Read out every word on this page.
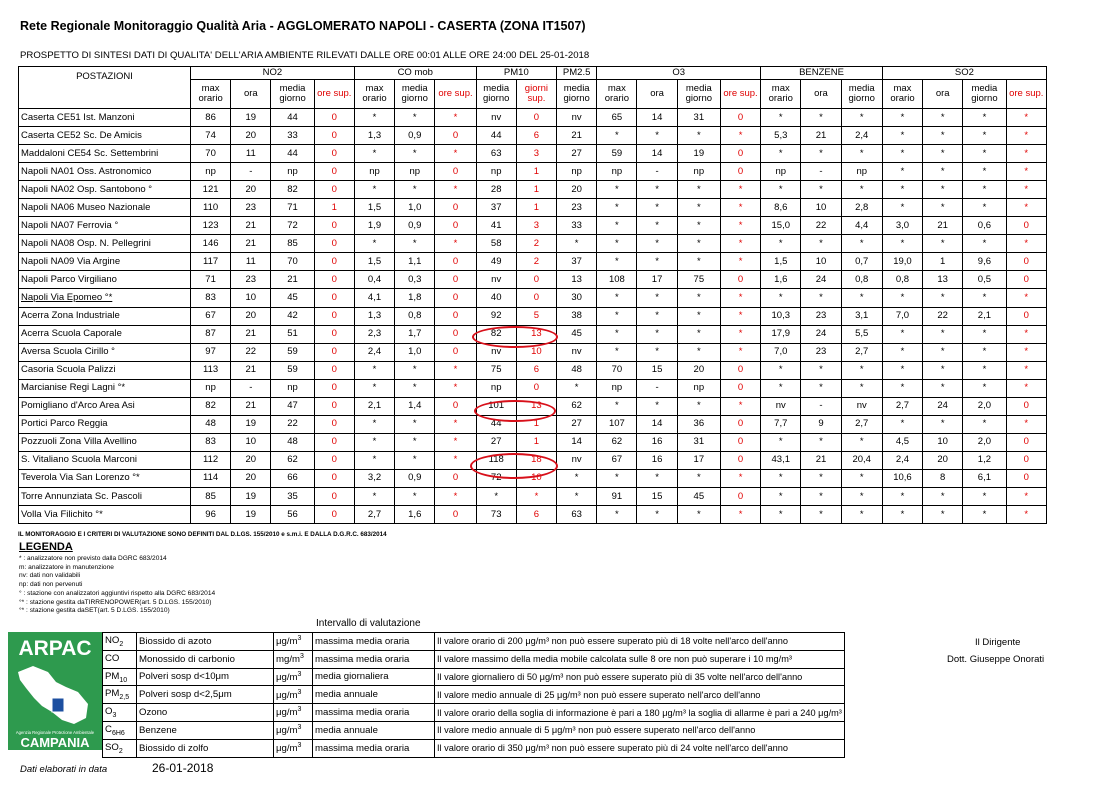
Rete Regionale Monitoraggio Qualità Aria - AGGLOMERATO NAPOLI - CASERTA (ZONA IT1507)
PROSPETTO DI SINTESI DATI DI QUALITA' DELL'ARIA AMBIENTE RILEVATI DALLE ORE 00:01 ALLE ORE 24:00 DEL 25-01-2018
POSTAZIONI	NO2				CO mob			PM10		PM2.5	O3				BENZENE			SO2			
	max orario	ora	media giorno	ore sup.	max orario	media giorno	ore sup.	media giorno	giorni sup.	media giorno	max orario	ora	media giorno	ore sup.	max orario	ora	media giorno	max orario	ora	media giorno	ore sup.
Caserta CE51 Ist. Manzoni	86	19	44	0	*	*	*	nv	0	nv	65	14	31	0	*	*	*	*	*	*	*
Caserta CE52 Sc. De Amicis	74	20	33	0	1,3	0,9	0	44	6	21	*	*	*	*	5,3	21	2,4	*	*	*	*
Maddaloni CE54 Sc. Settembrini	70	11	44	0	*	*	*	63	3	27	59	14	19	0	*	*	*	*	*	*	*
Napoli NA01 Oss. Astronomico	np	-	np	0	np	np	0	np	1	np	np	-	np	0	np	-	np	*	*	*	*
Napoli NA02 Osp. Santobono °	121	20	82	0	*	*	*	28	1	20	*	*	*	*	*	*	*	*	*	*	*
Napoli NA06 Museo Nazionale	110	23	71	1	1,5	1,0	0	37	1	23	*	*	*	*	8,6	10	2,8	*	*	*	*
Napoli NA07 Ferrovia °	123	21	72	0	1,9	0,9	0	41	3	33	*	*	*	*	15,0	22	4,4	3,0	21	0,6	0
Napoli NA08 Osp. N. Pellegrini	146	21	85	0	*	*	*	58	2	*	*	*	*	*	*	*	*	*	*	*	*
Napoli NA09 Via Argine	117	11	70	0	1,5	1,1	0	49	2	37	*	*	*	*	1,5	10	0,7	19,0	1	9,6	0
Napoli Parco Virgiliano	71	23	21	0	0,4	0,3	0	nv	0	13	108	17	75	0	1,6	24	0,8	0,8	13	0,5	0
Napoli Via Epomeo °*	83	10	45	0	4,1	1,8	0	40	0	30	*	*	*	*	*	*	*	*	*	*	*
Acerra Zona Industriale	67	20	42	0	1,3	0,8	0	92	5	38	*	*	*	*	10,3	23	3,1	7,0	22	2,1	0
Acerra Scuola Caporale	87	21	51	0	2,3	1,7	0	82	13	45	*	*	*	*	17,9	24	5,5	*	*	*	*
Aversa Scuola Cirillo °	97	22	59	0	2,4	1,0	0	nv	10	nv	*	*	*	*	7,0	23	2,7	*	*	*	*
Casoria Scuola Palizzi	113	21	59	0	*	*	*	75	6	48	70	15	20	0	*	*	*	*	*	*	*
Marcianise Regi Lagni °*	np	-	np	0	*	*	*	np	0	*	np	-	np	0	*	*	*	*	*	*	*
Pomigliano d'Arco Area Asi	82	21	47	0	2,1	1,4	0	101	13	62	*	*	*	*	nv	-	nv	2,7	24	2,0	0
Portici Parco Reggia	48	19	22	0	*	*	*	44	1	27	107	14	36	0	7,7	9	2,7	*	*	*	*
Pozzuoli Zona Villa Avellino	83	10	48	0	*	*	*	27	1	14	62	16	31	0	*	*	*	4,5	10	2,0	0
S. Vitaliano Scuola Marconi	112	20	62	0	*	*	*	118	18	nv	67	16	17	0	43,1	21	20,4	2,4	20	1,2	0
Teverola Via San Lorenzo °*	114	20	66	0	3,2	0,9	0	72	10	*	*	*	*	*	*	*	*	10,6	8	6,1	0
Torre Annunziata Sc. Pascoli	85	19	35	0	*	*	*	*	*	*	91	15	45	0	*	*	*	*	*	*	*
Volla Via Filichito °*	96	19	56	0	2,7	1,6	0	73	6	63	*	*	*	*	*	*	*	*	*	*	*
IL MONITORAGGIO E I CRITERI DI VALUTAZIONE SONO DEFINITI DAL D.LGS. 155/2010 e s.m.i. E DALLA D.G.R.C. 683/2014
LEGENDA
* : analizzatore non previsto dalla DGRC 683/2014
m: analizzatore in manutenzione
nv: dati non validabili
np: dati non pervenuti
° : stazione con analizzatori aggiuntivi rispetto alla DGRC 683/2014
°* : stazione gestita daTIRRENOPOWER(art. 5 D.LGS. 155/2010)
°* : stazione gestita daSET(art. 5 D.LGS. 155/2010)
Intervallo di valutazione
ARPAC
Agenzia Regionale Protezione Ambientale
CAMPANIA
$NO_2$	Biossido di azoto	$\mu g/m^3$	massima media oraria	Il valore orario di 200 μg/m³ non può essere superato più di 18 volte nell'arco dell'anno
CO	Monossido di carbonio	$mg/m^3$	massima media oraria	Il valore massimo della media mobile calcolata sulle 8 ore non può superare i 10 mg/m³
$PM_{10}$	Polveri sosp d<10μm	$\mu g/m^3$	media giornaliera	Il valore giornaliero di 50 μg/m³ non può essere superato più di 35 volte nell'arco dell'anno
$PM_{2,5}$	Polveri sosp d<2,5μm	$\mu g/m^3$	media annuale	Il valore medio annuale di 25 μg/m³ non può essere superato nell'arco dell'anno
$O_3$	Ozono	$\mu g/m^3$	massima media oraria	Il valore orario della soglia di informazione è pari a 180 μg/m³ la soglia di allarme è pari a 240 μg/m³
$C_{6H6}$	Benzene	$\mu g/m^3$	media annuale	Il valore medio annuale di 5 μg/m³ non può essere superato nell'arco dell'anno
$SO_2$	Biossido di zolfo	$\mu g/m^3$	massima media oraria	Il valore orario di 350 μg/m³ non può essere superato più di 24 volte nell'arco dell'anno
Il Dirigente
Dott. Giuseppe Onorati
Dati elaborati in data	26-01-2018
